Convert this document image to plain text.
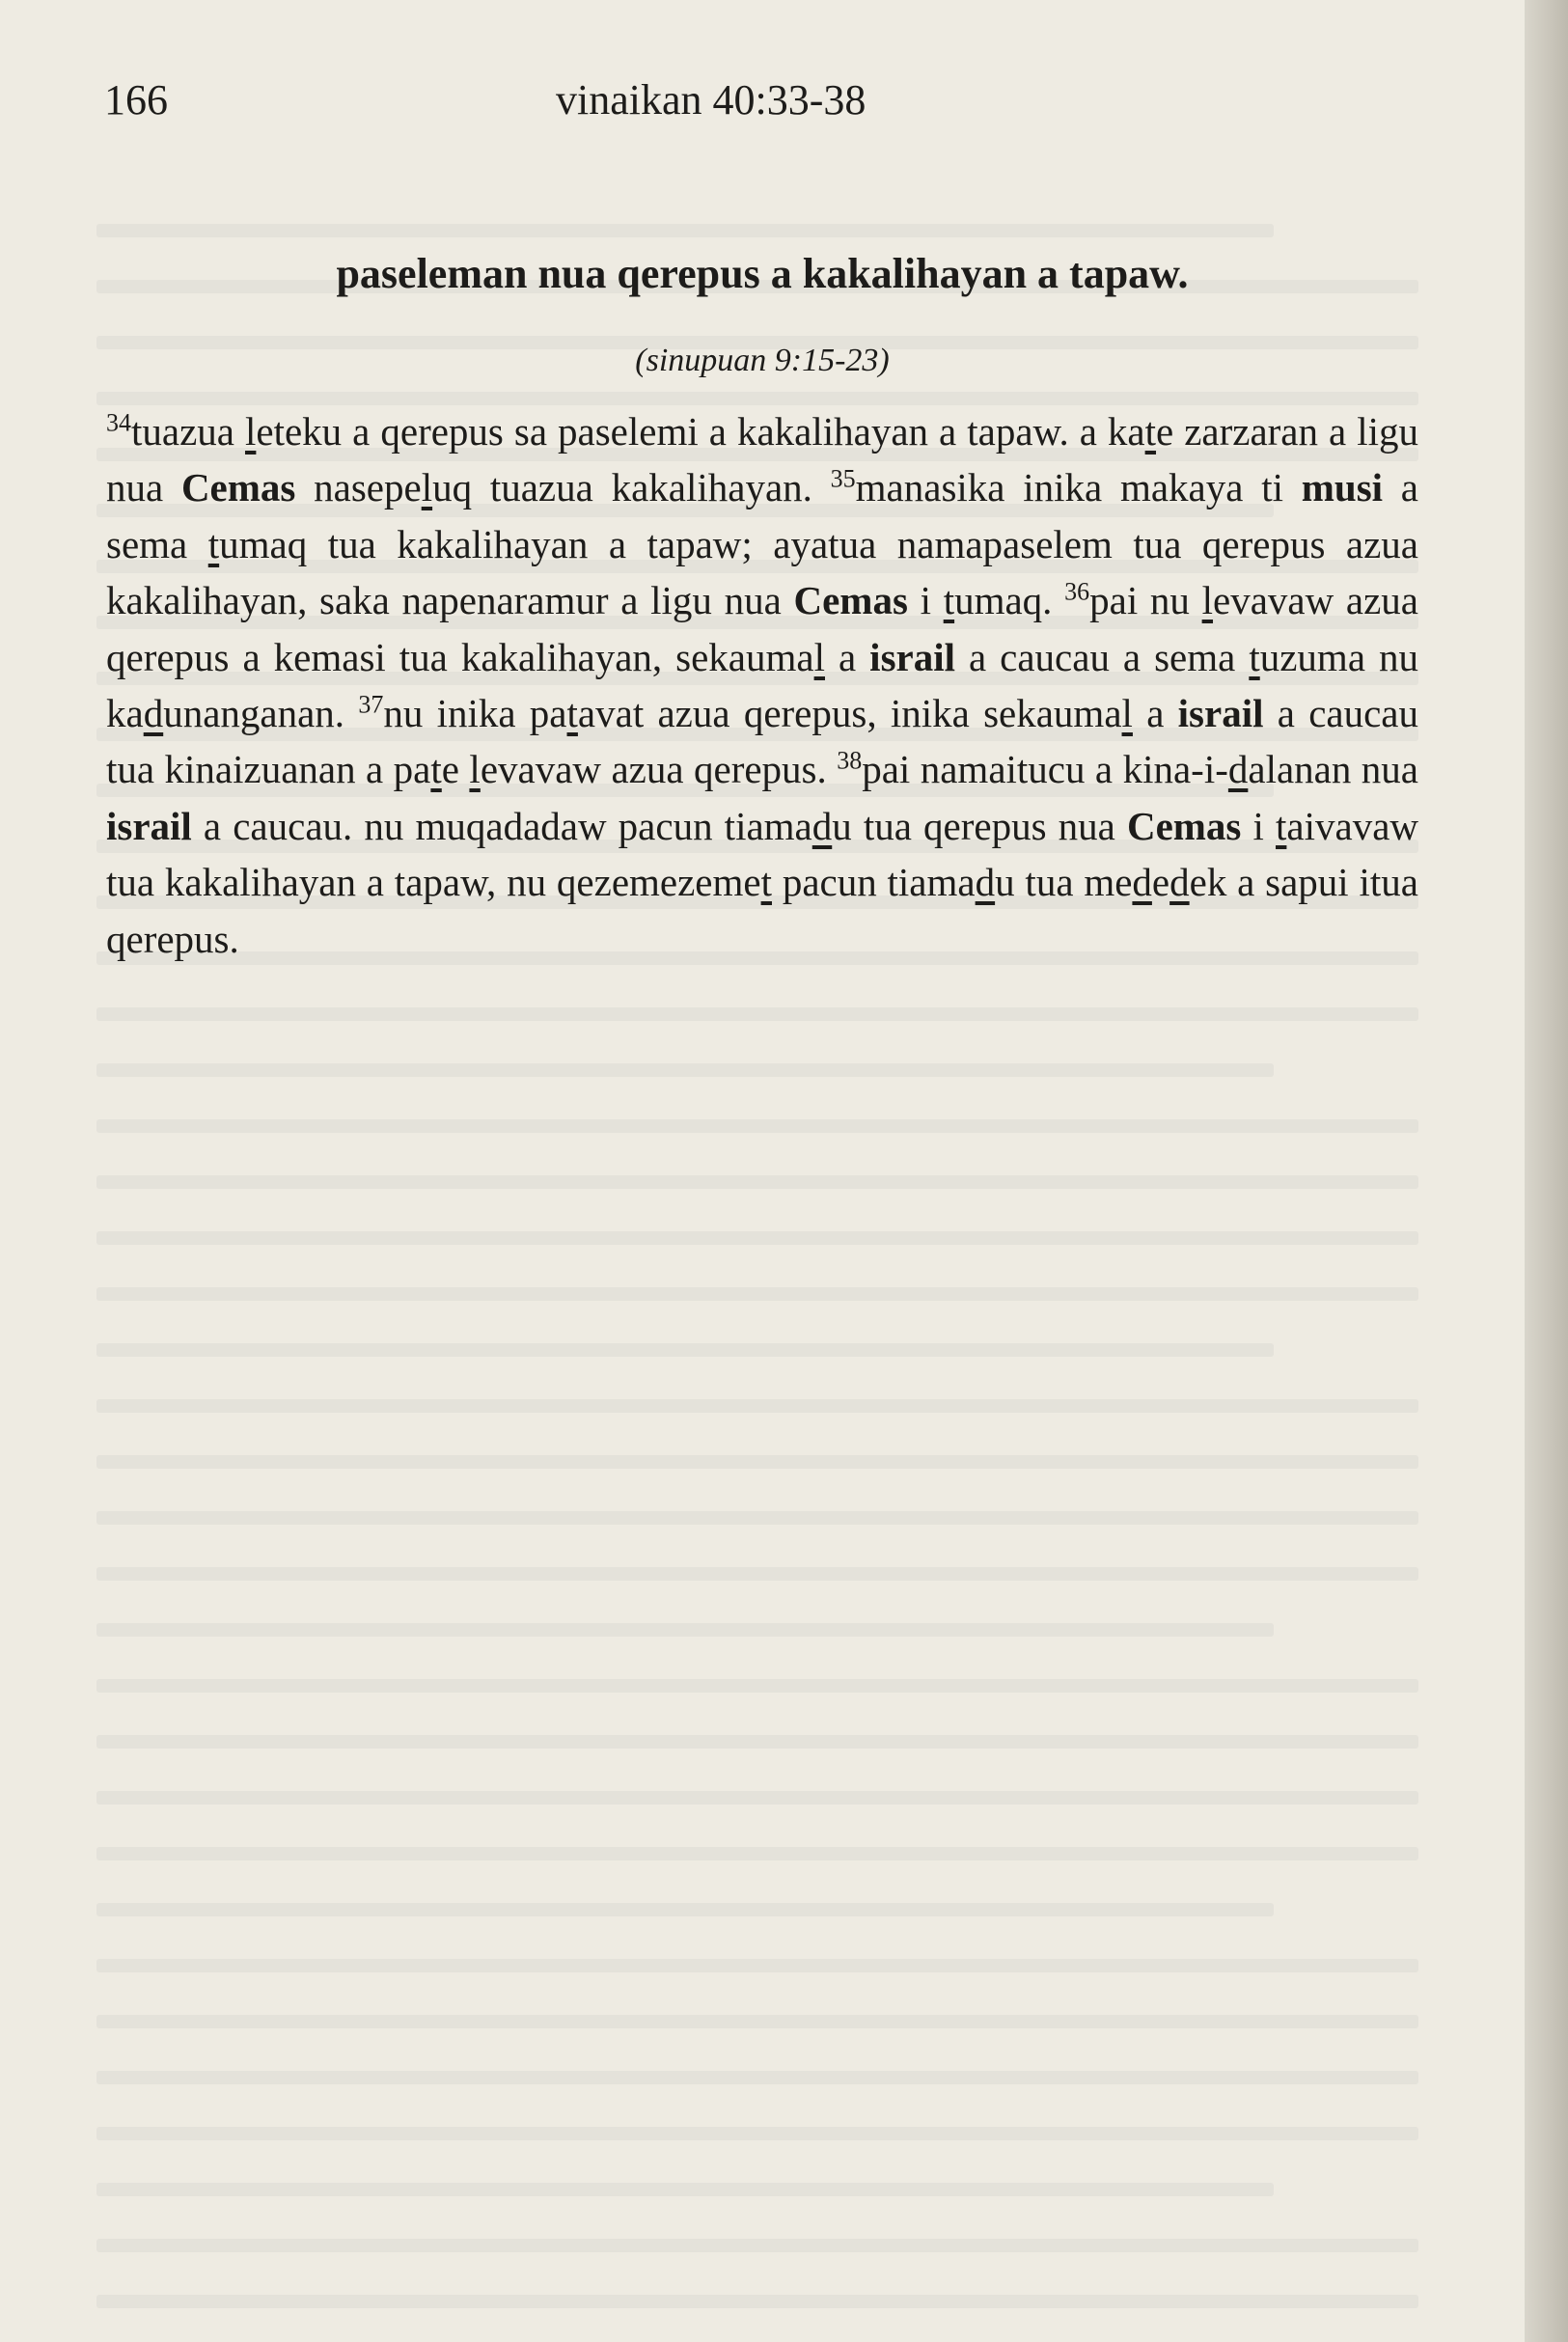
166	vinaikan 40:33-38
paseleman nua qerepus a kakalihayan a tapaw.
(sinupuan 9:15-23)

$^{34}$tuazua leteku a qerepus sa paselemi a kakalihayan a tapaw. a kate zarzaran a ligu nua Cemas nasepeluq tuazua kakalihayan. $^{35}$manasika inika makaya ti musi a sema tumaq tua kakalihayan a tapaw; ayatua namapaselem tua qerepus azua kakalihayan, saka napenaramur a ligu nua Cemas i tumaq. $^{36}$pai nu levavaw azua qerepus a kemasi tua kakalihayan, sekaumal a israil a caucau a sema tuzuma nu kadunanganan. $^{37}$nu inika patavat azua qerepus, inika sekaumal a israil a caucau tua kinaizuanan a pate levavaw azua qerepus. $^{38}$pai namaitucu a kina-i-dalanan nua israil a caucau. nu muqadadaw pacun tiamadu tua qerepus nua Cemas i taivavaw tua kakalihayan a tapaw, nu qezemezemet pacun tiamadu tua mededek a sapui itua qerepus.
